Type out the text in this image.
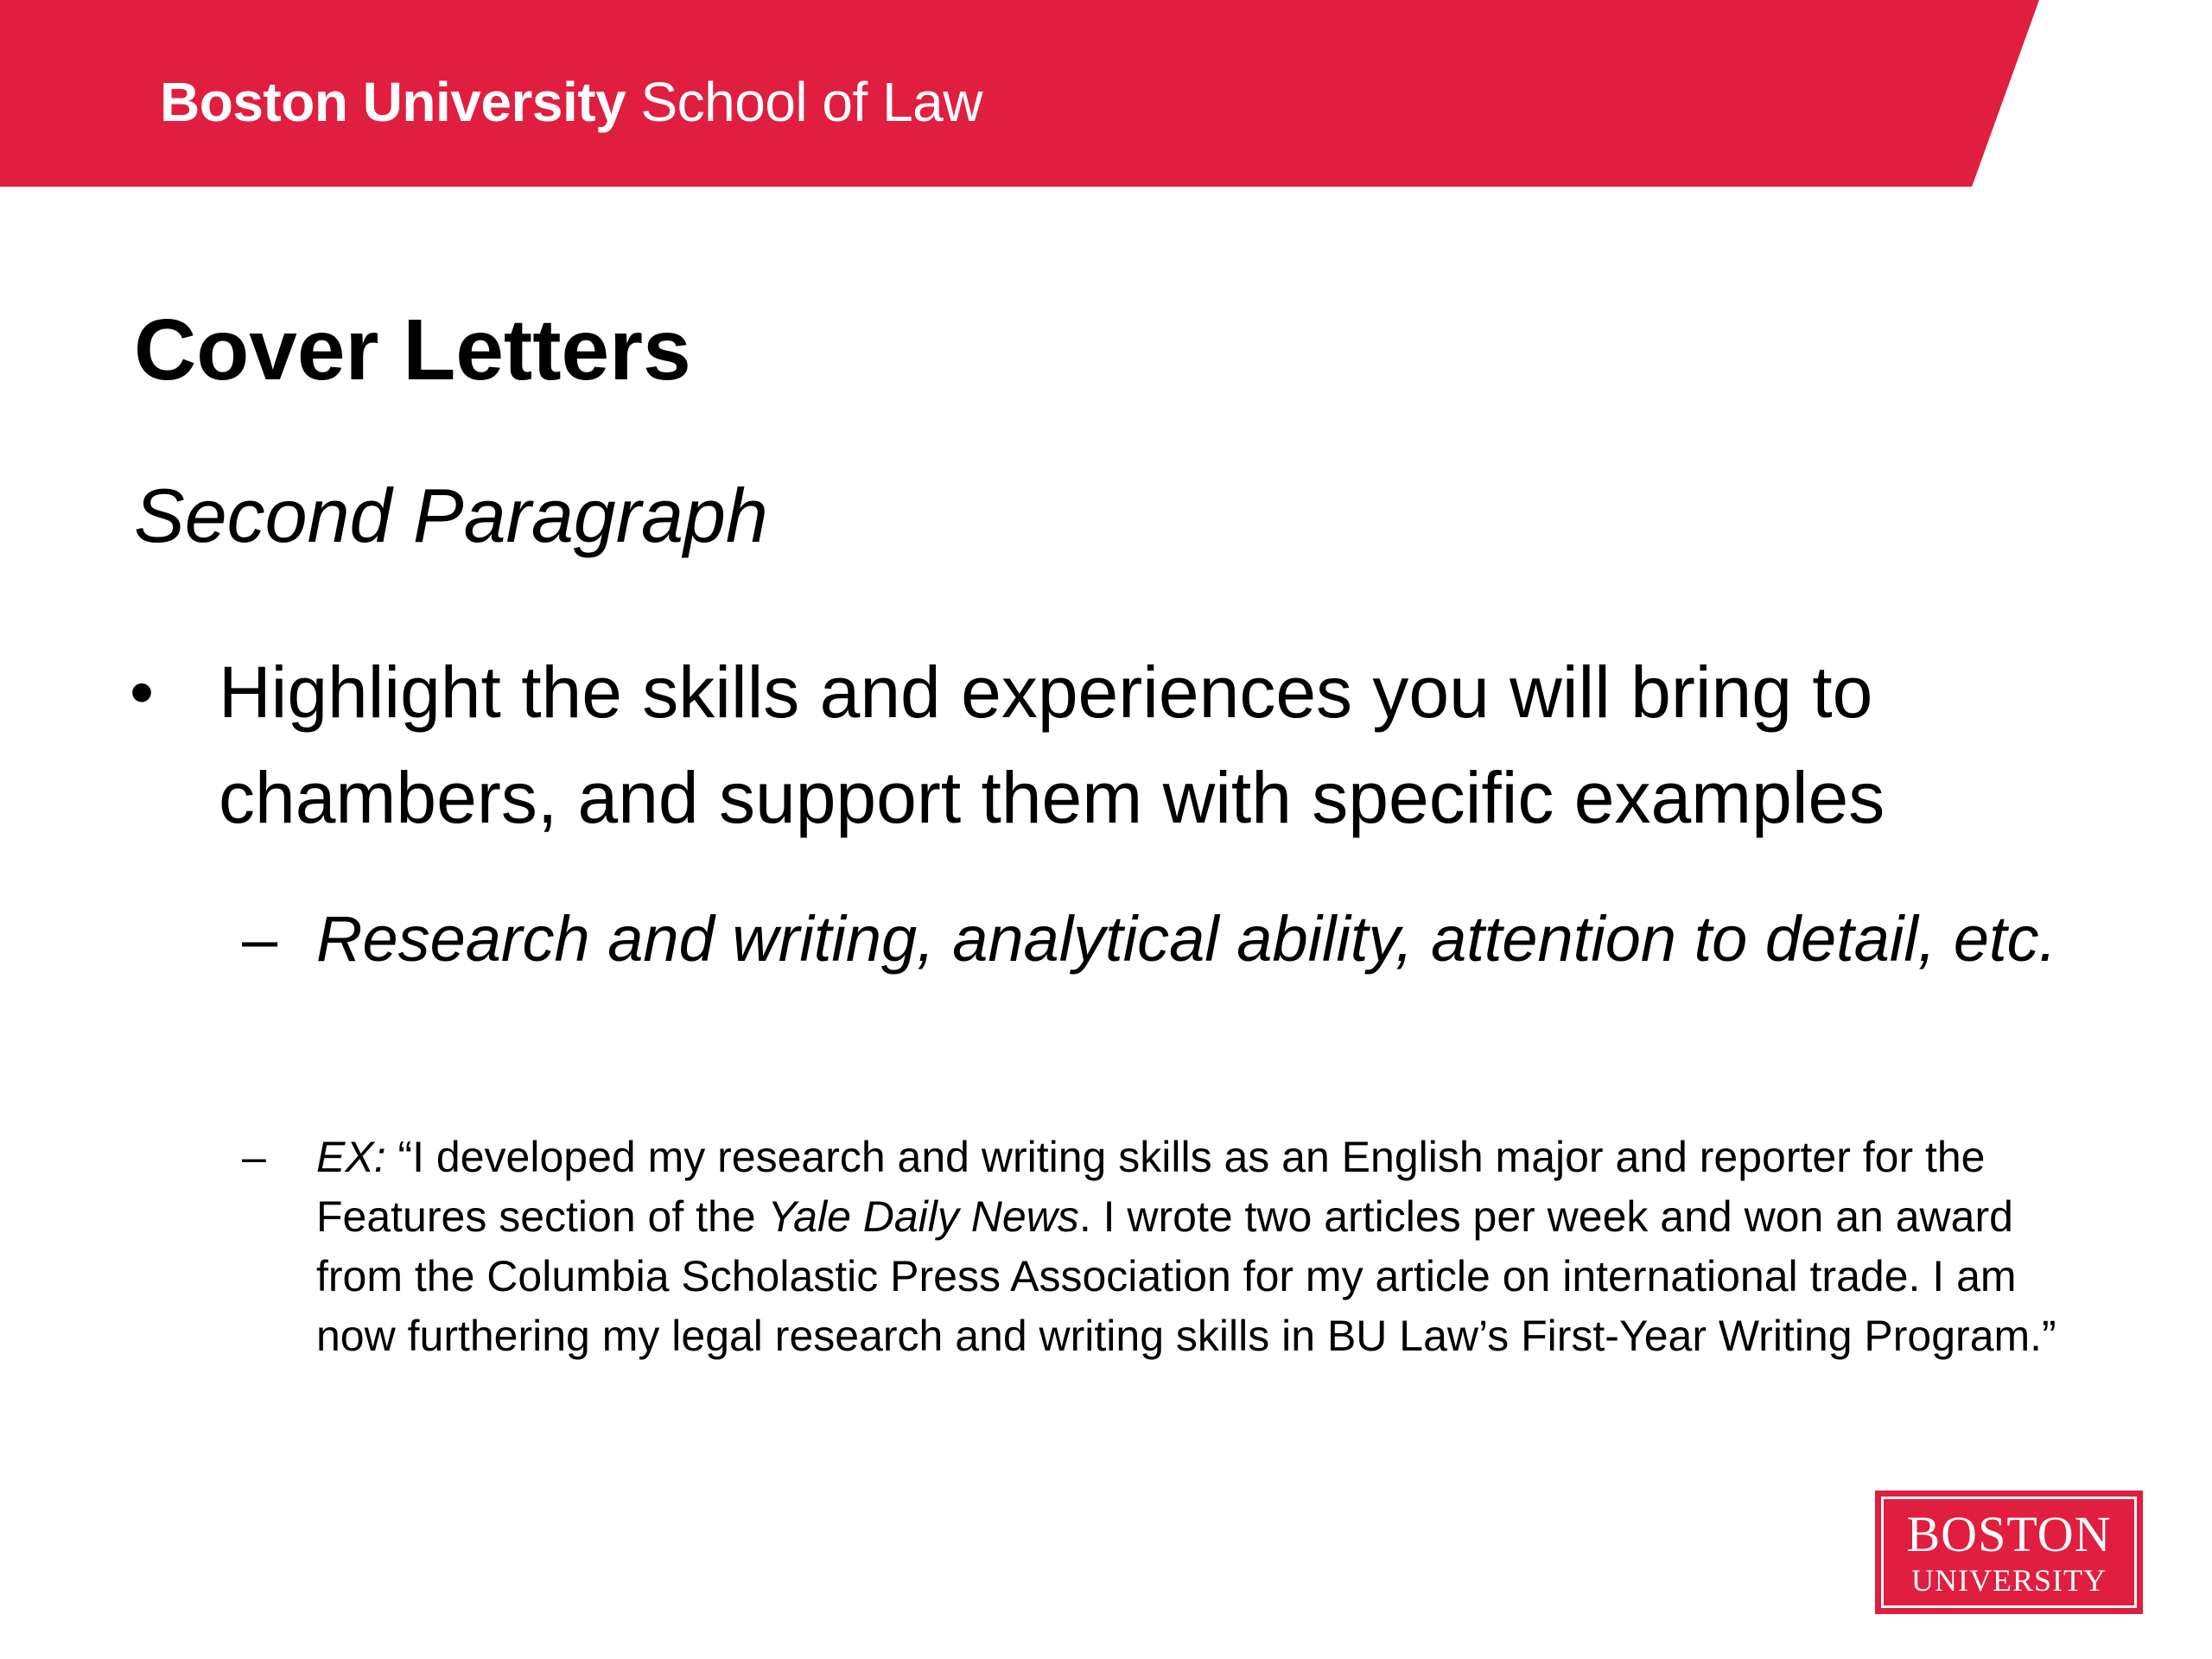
Boston University School of Law
Cover Letters
Second Paragraph
• Highlight the skills and experiences you will bring to chambers, and support them with specific examples
– Research and writing, analytical ability, attention to detail, etc.
– EX: “I developed my research and writing skills as an English major and reporter for the Features section of the Yale Daily News. I wrote two articles per week and won an award from the Columbia Scholastic Press Association for my article on international trade. I am now furthering my legal research and writing skills in BU Law’s First-Year Writing Program.”
BOSTON
UNIVERSITY
